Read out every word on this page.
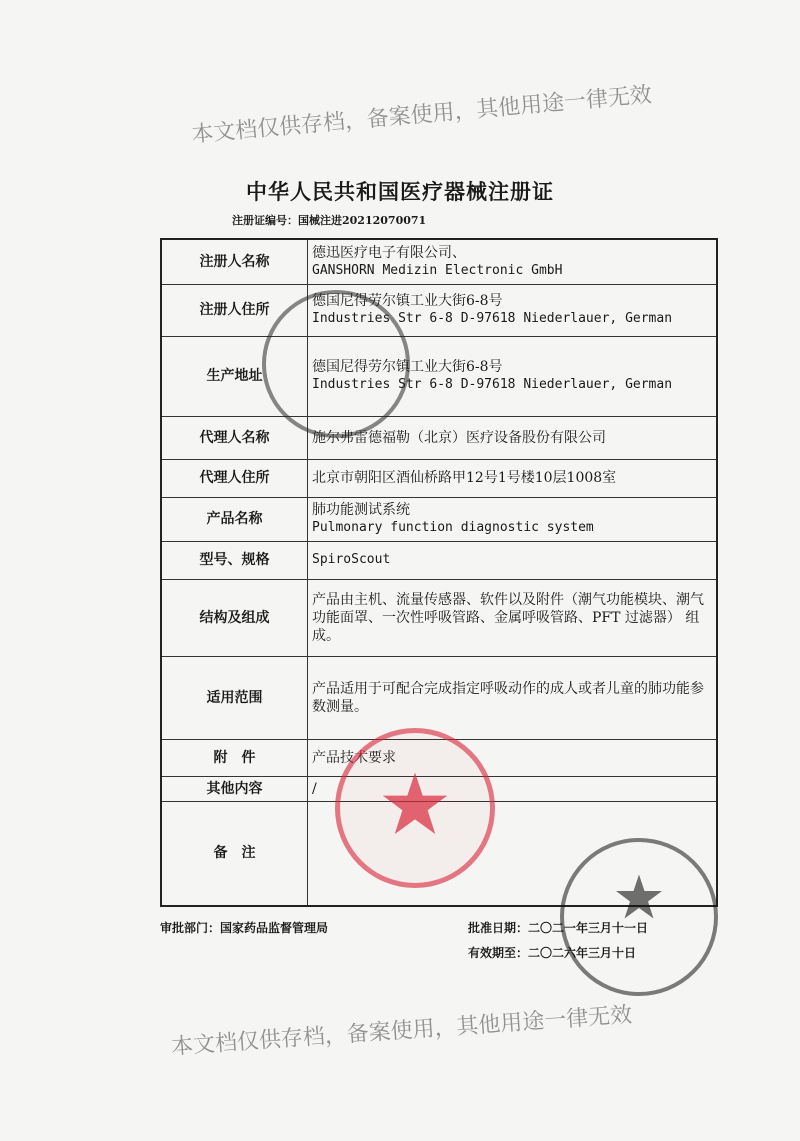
本文档仅供存档，备案使用，其他用途一律无效
中华人民共和国医疗器械注册证
注册证编号：国械注进20212070071
注册人名称	德迅医疗电子有限公司、
GANSHORN Medizin Electronic GmbH

注册人住所	德国尼得劳尔镇工业大街6-8号
Industries Str 6-8 D-97618 Niederlauer, German

生产地址	德国尼得劳尔镇工业大街6-8号
Industries Str 6-8 D-97618 Niederlauer, German

代理人名称	施尔弗雷德福勒（北京）医疗设备股份有限公司
代理人住所	北京市朝阳区酒仙桥路甲12号1号楼10层1008室
产品名称	肺功能测试系统
Pulmonary function diagnostic system

型号、规格	SpiroScout

结构及组成	产品由主机、流量传感器、软件以及附件（潮气功能模块、潮气功能面罩、一次性呼吸管路、金属呼吸管路、PFT 过滤器） 组成。
适用范围	产品适用于可配合完成指定呼吸动作的成人或者儿童的肺功能参数测量。
附　件	产品技术要求
其他内容	/
备　注	
审批部门：国家药品监督管理局	批准日期：二〇二一年三月十一日
有效期至：二〇二六年三月十日
本文档仅供存档，备案使用，其他用途一律无效
